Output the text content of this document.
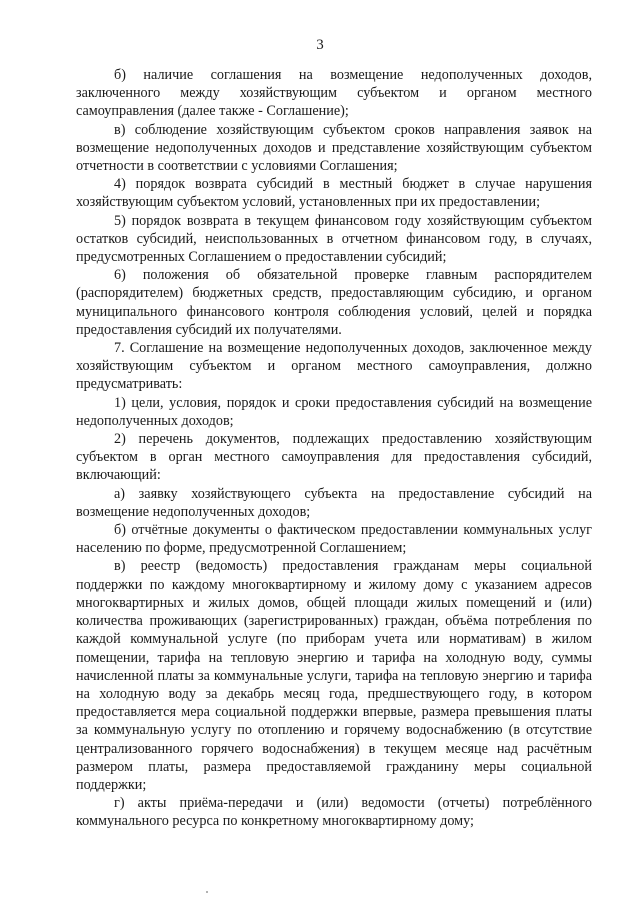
3

б) наличие соглашения на возмещение недополученных доходов, заключенного между хозяйствующим субъектом и органом местного самоуправления (далее также - Соглашение);

в) соблюдение хозяйствующим субъектом сроков направления заявок на возмещение недополученных доходов и представление хозяйствующим субъектом отчетности в соответствии с условиями Соглашения;

4) порядок возврата субсидий в местный бюджет в случае нарушения хозяйствующим субъектом условий, установленных при их предоставлении;

5) порядок возврата в текущем финансовом году хозяйствующим субъектом остатков субсидий, неиспользованных в отчетном финансовом году, в случаях, предусмотренных Соглашением о предоставлении субсидий;

6) положения об обязательной проверке главным распорядителем (распорядителем) бюджетных средств, предоставляющим субсидию, и органом муниципального финансового контроля соблюдения условий, целей и порядка предоставления субсидий их получателями.

7. Соглашение на возмещение недополученных доходов, заключенное между хозяйствующим субъектом и органом местного самоуправления, должно предусматривать:

1) цели, условия, порядок и сроки предоставления субсидий на возмещение недополученных доходов;

2) перечень документов, подлежащих предоставлению хозяйствующим субъектом в орган местного самоуправления для предоставления субсидий, включающий:

а) заявку хозяйствующего субъекта на предоставление субсидий на возмещение недополученных доходов;

б) отчётные документы о фактическом предоставлении коммунальных услуг населению по форме, предусмотренной Соглашением;

в) реестр (ведомость) предоставления гражданам меры социальной поддержки по каждому многоквартирному и жилому дому с указанием адресов многоквартирных и жилых домов, общей площади жилых помещений и (или) количества проживающих (зарегистрированных) граждан, объёма потребления по каждой коммунальной услуге (по приборам учета или нормативам) в жилом помещении, тарифа на тепловую энергию и тарифа на холодную воду, суммы начисленной платы за коммунальные услуги, тарифа на тепловую энергию и тарифа на холодную воду за декабрь месяц года, предшествующего году, в котором предоставляется мера социальной поддержки впервые, размера превышения платы за коммунальную услугу по отоплению и горячему водоснабжению (в отсутствие централизованного горячего водоснабжения) в текущем месяце над расчётным размером платы, размера предоставляемой гражданину меры социальной поддержки;

г) акты приёма-передачи и (или) ведомости (отчеты) потреблённого коммунального ресурса по конкретному многоквартирному дому;
